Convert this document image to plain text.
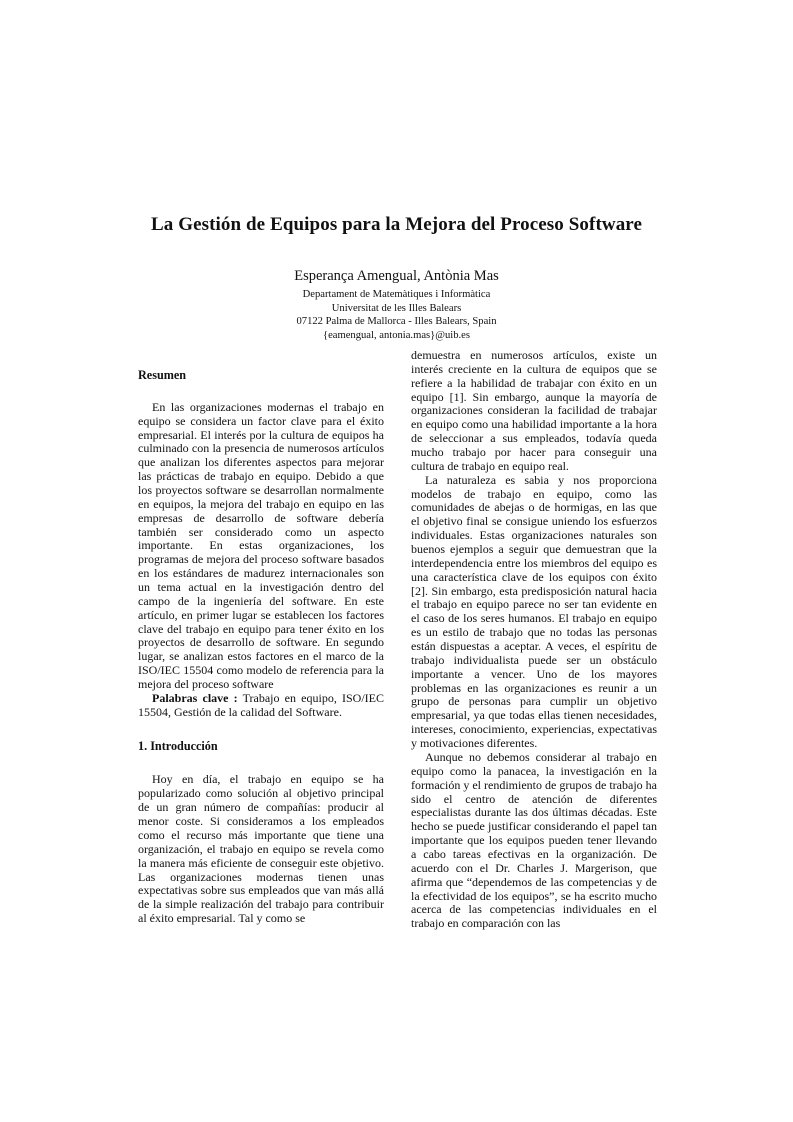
La Gestión de Equipos para la Mejora del Proceso Software
Esperança Amengual, Antònia Mas
Departament de Matemàtiques i Informàtica
Universitat de les Illes Balears
07122 Palma de Mallorca - Illes Balears, Spain
{eamengual, antonia.mas}@uib.es
Resumen

En las organizaciones modernas el trabajo en equipo se considera un factor clave para el éxito empresarial. El interés por la cultura de equipos ha culminado con la presencia de numerosos artículos que analizan los diferentes aspectos para mejorar las prácticas de trabajo en equipo. Debido a que los proyectos software se desarrollan normalmente en equipos, la mejora del trabajo en equipo en las empresas de desarrollo de software debería también ser considerado como un aspecto importante. En estas organizaciones, los programas de mejora del proceso software basados en los estándares de madurez internacionales son un tema actual en la investigación dentro del campo de la ingeniería del software. En este artículo, en primer lugar se establecen los factores clave del trabajo en equipo para tener éxito en los proyectos de desarrollo de software. En segundo lugar, se analizan estos factores en el marco de la ISO/IEC 15504 como modelo de referencia para la mejora del proceso software

Palabras clave : Trabajo en equipo, ISO/IEC 15504, Gestión de la calidad del Software.

1. Introducción

Hoy en día, el trabajo en equipo se ha popularizado como solución al objetivo principal de un gran número de compañías: producir al menor coste. Si consideramos a los empleados como el recurso más importante que tiene una organización, el trabajo en equipo se revela como la manera más eficiente de conseguir este objetivo. Las organizaciones modernas tienen unas expectativas sobre sus empleados que van más allá de la simple realización del trabajo para contribuir al éxito empresarial. Tal y como se

demuestra en numerosos artículos, existe un interés creciente en la cultura de equipos que se refiere a la habilidad de trabajar con éxito en un equipo [1]. Sin embargo, aunque la mayoría de organizaciones consideran la facilidad de trabajar en equipo como una habilidad importante a la hora de seleccionar a sus empleados, todavía queda mucho trabajo por hacer para conseguir una cultura de trabajo en equipo real.

La naturaleza es sabia y nos proporciona modelos de trabajo en equipo, como las comunidades de abejas o de hormigas, en las que el objetivo final se consigue uniendo los esfuerzos individuales. Estas organizaciones naturales son buenos ejemplos a seguir que demuestran que la interdependencia entre los miembros del equipo es una característica clave de los equipos con éxito [2]. Sin embargo, esta predisposición natural hacia el trabajo en equipo parece no ser tan evidente en el caso de los seres humanos. El trabajo en equipo es un estilo de trabajo que no todas las personas están dispuestas a aceptar. A veces, el espíritu de trabajo individualista puede ser un obstáculo importante a vencer. Uno de los mayores problemas en las organizaciones es reunir a un grupo de personas para cumplir un objetivo empresarial, ya que todas ellas tienen necesidades, intereses, conocimiento, experiencias, expectativas y motivaciones diferentes.

Aunque no debemos considerar al trabajo en equipo como la panacea, la investigación en la formación y el rendimiento de grupos de trabajo ha sido el centro de atención de diferentes especialistas durante las dos últimas décadas. Este hecho se puede justificar considerando el papel tan importante que los equipos pueden tener llevando a cabo tareas efectivas en la organización. De acuerdo con el Dr. Charles J. Margerison, que afirma que “dependemos de las competencias y de la efectividad de los equipos”, se ha escrito mucho acerca de las competencias individuales en el trabajo en comparación con las
